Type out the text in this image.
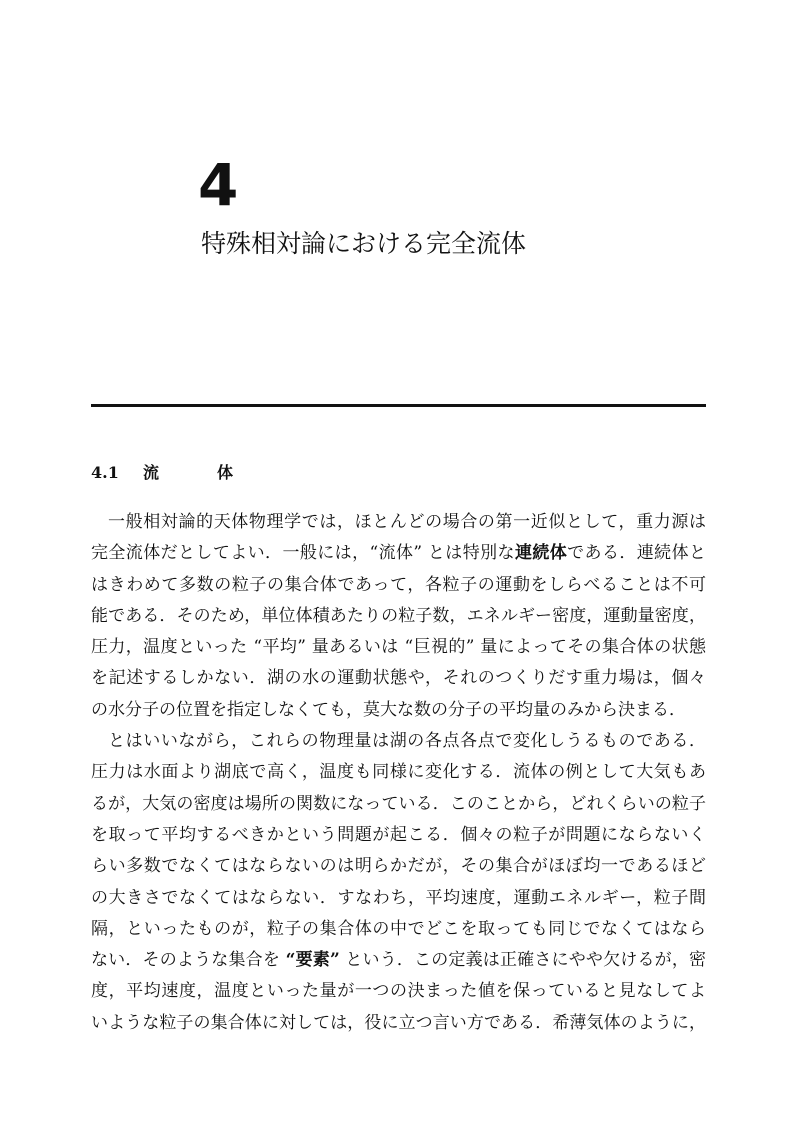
4
特殊相対論における完全流体
4.1	流体
一般相対論的天体物理学では，ほとんどの場合の第一近似として，重力源は
完全流体だとしてよい．一般には，“流体” とは特別な連続体である．連続体と
はきわめて多数の粒子の集合体であって，各粒子の運動をしらべることは不可
能である．そのため，単位体積あたりの粒子数，エネルギー密度，運動量密度，
圧力，温度といった “平均” 量あるいは “巨視的” 量によってその集合体の状態
を記述するしかない．湖の水の運動状態や，それのつくりだす重力場は，個々
の水分子の位置を指定しなくても，莫大な数の分子の平均量のみから決まる．
とはいいながら，これらの物理量は湖の各点各点で変化しうるものである．
圧力は水面より湖底で高く，温度も同様に変化する．流体の例として大気もあ
るが，大気の密度は場所の関数になっている．このことから，どれくらいの粒子
を取って平均するべきかという問題が起こる．個々の粒子が問題にならないく
らい多数でなくてはならないのは明らかだが，その集合がほぼ均一であるほど
の大きさでなくてはならない．すなわち，平均速度，運動エネルギー，粒子間
隔，といったものが，粒子の集合体の中でどこを取っても同じでなくてはなら
ない．そのような集合を “要素” という．この定義は正確さにやや欠けるが，密
度，平均速度，温度といった量が一つの決まった値を保っていると見なしてよ
いような粒子の集合体に対しては，役に立つ言い方である．希薄気体のように，
